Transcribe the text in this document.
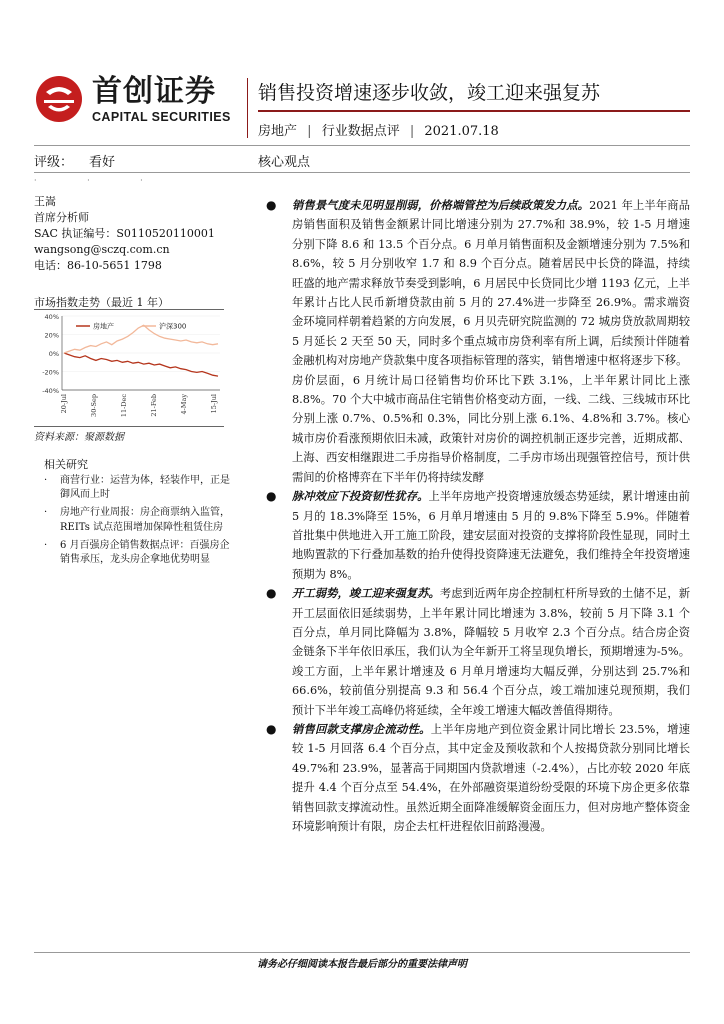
首创证券
CAPITAL SECURITIES
销售投资增速逐步收敛，竣工迎来强复苏
房地产 | 行业数据点评 | 2021.07.18
评级： 看好	核心观点
· · ·
王嵩
首席分析师
SAC 执证编号：S0110520110001
wangsong@sczq.com.cn
电话：86-10-5651 1798
市场指数走势（最近 1 年）
40%
20%
0%
-20%
-40%
20-Jul	30-Sep	11-Dec	21-Feb	4-May	15-Jul
房地产	沪深300
资料来源：聚源数据
相关研究
· 商营行业：运营为体，轻装作甲，正是御风而上时
· 房地产行业周报：房企商票纳入监管，REITs 试点范围增加保障性租赁住房
· 6 月百强房企销售数据点评：百强房企销售承压，龙头房企拿地优势明显
● 销售景气度未见明显削弱，价格端管控为后续政策发力点。2021 年上半年商品房销售面积及销售金额累计同比增速分别为 27.7%和 38.9%，较 1-5 月增速分别下降 8.6 和 13.5 个百分点。6 月单月销售面积及金额增速分别为 7.5%和 8.6%，较 5 月分别收窄 1.7 和 8.9 个百分点。随着居民中长贷的降温，持续旺盛的地产需求释放节奏受到影响，6 月居民中长贷同比少增 1193 亿元，上半年累计占比人民币新增贷款由前 5 月的 27.4%进一步降至 26.9%。需求端资金环境同样朝着趋紧的方向发展，6 月贝壳研究院监测的 72 城房贷放款周期较 5 月延长 2 天至 50 天，同时多个重点城市房贷利率有所上调，后续预计伴随着金融机构对房地产贷款集中度各项指标管理的落实，销售增速中枢将逐步下移。

房价层面，6 月统计局口径销售均价环比下跌 3.1%，上半年累计同比上涨 8.8%。70 个大中城市商品住宅销售价格变动方面，一线、二线、三线城市环比分别上涨 0.7%、0.5%和 0.3%，同比分别上涨 6.1%、4.8%和 3.7%。核心城市房价看涨预期依旧未减，政策针对房价的调控机制正逐步完善，近期成都、上海、西安相继跟进二手房指导价格制度，二手房市场出现强管控信号，预计供需间的价格博弈在下半年仍将持续发酵

● 脉冲效应下投资韧性犹存。上半年房地产投资增速放缓态势延续，累计增速由前 5 月的 18.3%降至 15%，6 月单月增速由 5 月的 9.8%下降至 5.9%。伴随着首批集中供地进入开工施工阶段，建安层面对投资的支撑将阶段性显现，同时土地购置款的下行叠加基数的抬升使得投资降速无法避免，我们维持全年投资增速预期为 8%。

● 开工弱势，竣工迎来强复苏。考虑到近两年房企控制杠杆所导致的土储不足，新开工层面依旧延续弱势，上半年累计同比增速为 3.8%，较前 5 月下降 3.1 个百分点，单月同比降幅为 3.8%，降幅较 5 月收窄 2.3 个百分点。结合房企资金链条下半年依旧承压，我们认为全年新开工将呈现负增长，预期增速为-5%。竣工方面，上半年累计增速及 6 月单月增速均大幅反弹，分别达到 25.7%和 66.6%，较前值分别提高 9.3 和 56.4 个百分点，竣工端加速兑现预期，我们预计下半年竣工高峰仍将延续，全年竣工增速大幅改善值得期待。

● 销售回款支撑房企流动性。上半年房地产到位资金累计同比增长 23.5%，增速较 1-5 月回落 6.4 个百分点，其中定金及预收款和个人按揭贷款分别同比增长 49.7%和 23.9%，显著高于同期国内贷款增速（-2.4%），占比亦较 2020 年底提升 4.4 个百分点至 54.4%，在外部融资渠道纷纷受限的环境下房企更多依靠销售回款支撑流动性。虽然近期全面降准缓解资金面压力，但对房地产整体资金环境影响预计有限，房企去杠杆进程依旧前路漫漫。

请务必仔细阅读本报告最后部分的重要法律声明
